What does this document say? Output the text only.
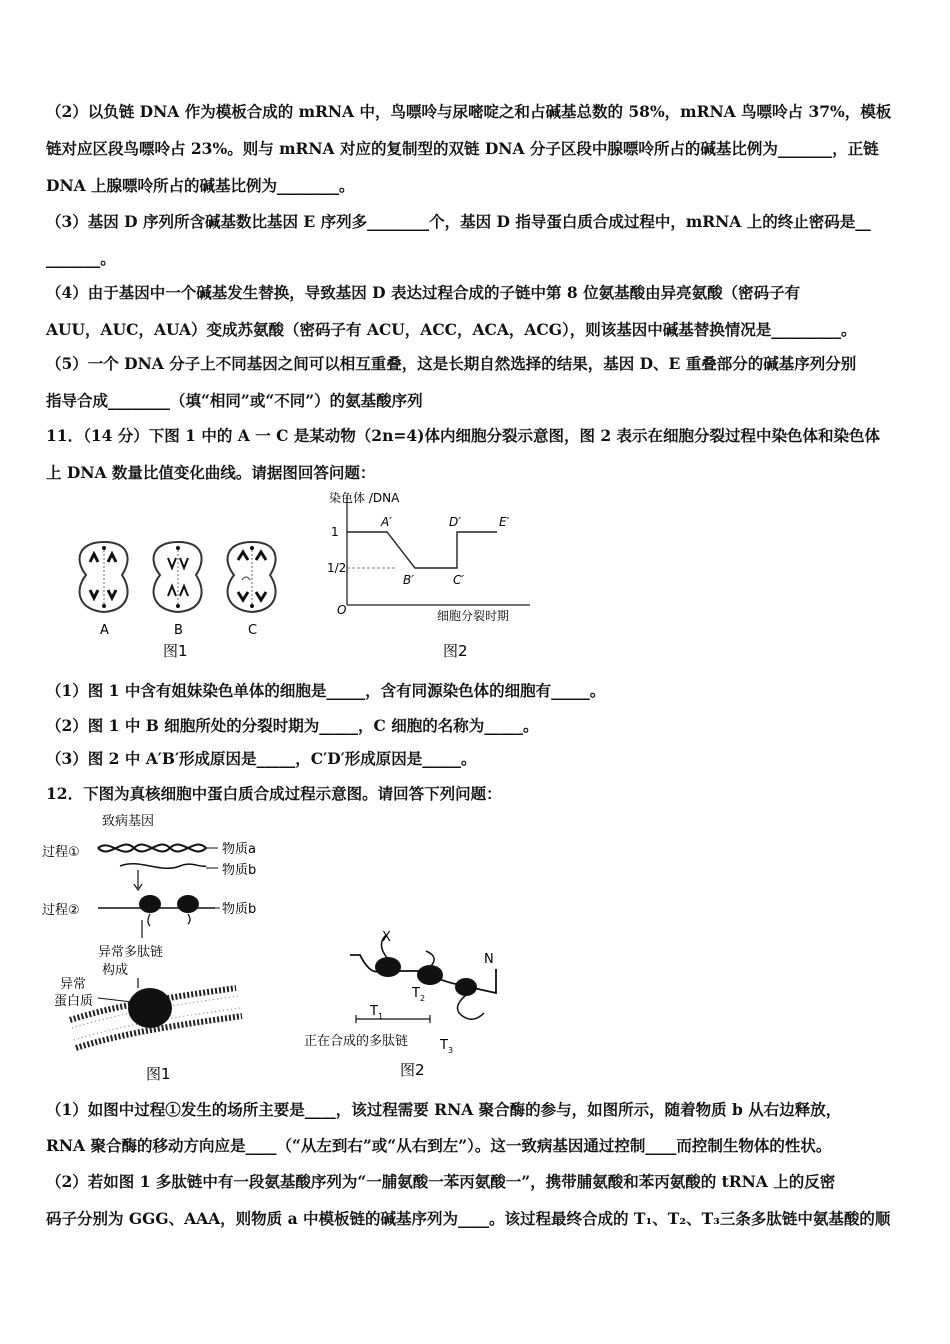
（2）以负链 DNA 作为模板合成的 mRNA 中，鸟嘌呤与尿嘧啶之和占碱基总数的 58%，mRNA 鸟嘌呤占 37%，模板
链对应区段鸟嘌呤占 23%。则与 mRNA 对应的复制型的双链 DNA 分子区段中腺嘌呤所占的碱基比例为_______，正链
DNA 上腺嘌呤所占的碱基比例为________。
（3）基因 D 序列所含碱基数比基因 E 序列多________个，基因 D 指导蛋白质合成过程中，mRNA 上的终止密码是__
_______。
（4）由于基因中一个碱基发生替换，导致基因 D 表达过程合成的子链中第 8 位氨基酸由异亮氨酸（密码子有
AUU，AUC，AUA）变成苏氨酸（密码子有 ACU，ACC，ACA，ACG），则该基因中碱基替换情况是_________。
（5）一个 DNA 分子上不同基因之间可以相互重叠，这是长期自然选择的结果，基因 D、E 重叠部分的碱基序列分别
指导合成________（填“相同”或“不同”）的氨基酸序列
11．（14 分）下图 1 中的 A 一 C 是某动物（2n=4)体内细胞分裂示意图，图 2 表示在细胞分裂过程中染色体和染色体
上 DNA 数量比值变化曲线。请据图回答问题：
A	B	C
图1
染色体 /DNA
1
1/2
O
A′
B′	C′
D′	E′
细胞分裂时期
图2
（1）图 1 中含有姐妹染色单体的细胞是_____，含有同源染色体的细胞有_____。
（2）图 1 中 B 细胞所处的分裂时期为_____，C 细胞的名称为_____。
（3）图 2 中 A′B′形成原因是_____，C′D′形成原因是_____。
12．下图为真核细胞中蛋白质合成过程示意图。请回答下列问题：
致病基因
过程①	物质a
物质b
过程②	物质b
异常多肽链
构成
异常
蛋白质
图1
X
N
T 1
T 2
T 3
正在合成的多肽链
图2
（1）如图中过程①发生的场所主要是____，该过程需要 RNA 聚合酶的参与，如图所示，随着物质 b 从右边释放，
RNA 聚合酶的移动方向应是____（“从左到右”或“从右到左”）。这一致病基因通过控制____而控制生物体的性状。
（2）若如图 1 多肽链中有一段氨基酸序列为“一脯氨酸一苯丙氨酸一”，携带脯氨酸和苯丙氨酸的 tRNA 上的反密
码子分别为 GGG、AAA，则物质 a 中模板链的碱基序列为____。该过程最终合成的 T₁、T₂、T₃三条多肽链中氨基酸的顺
